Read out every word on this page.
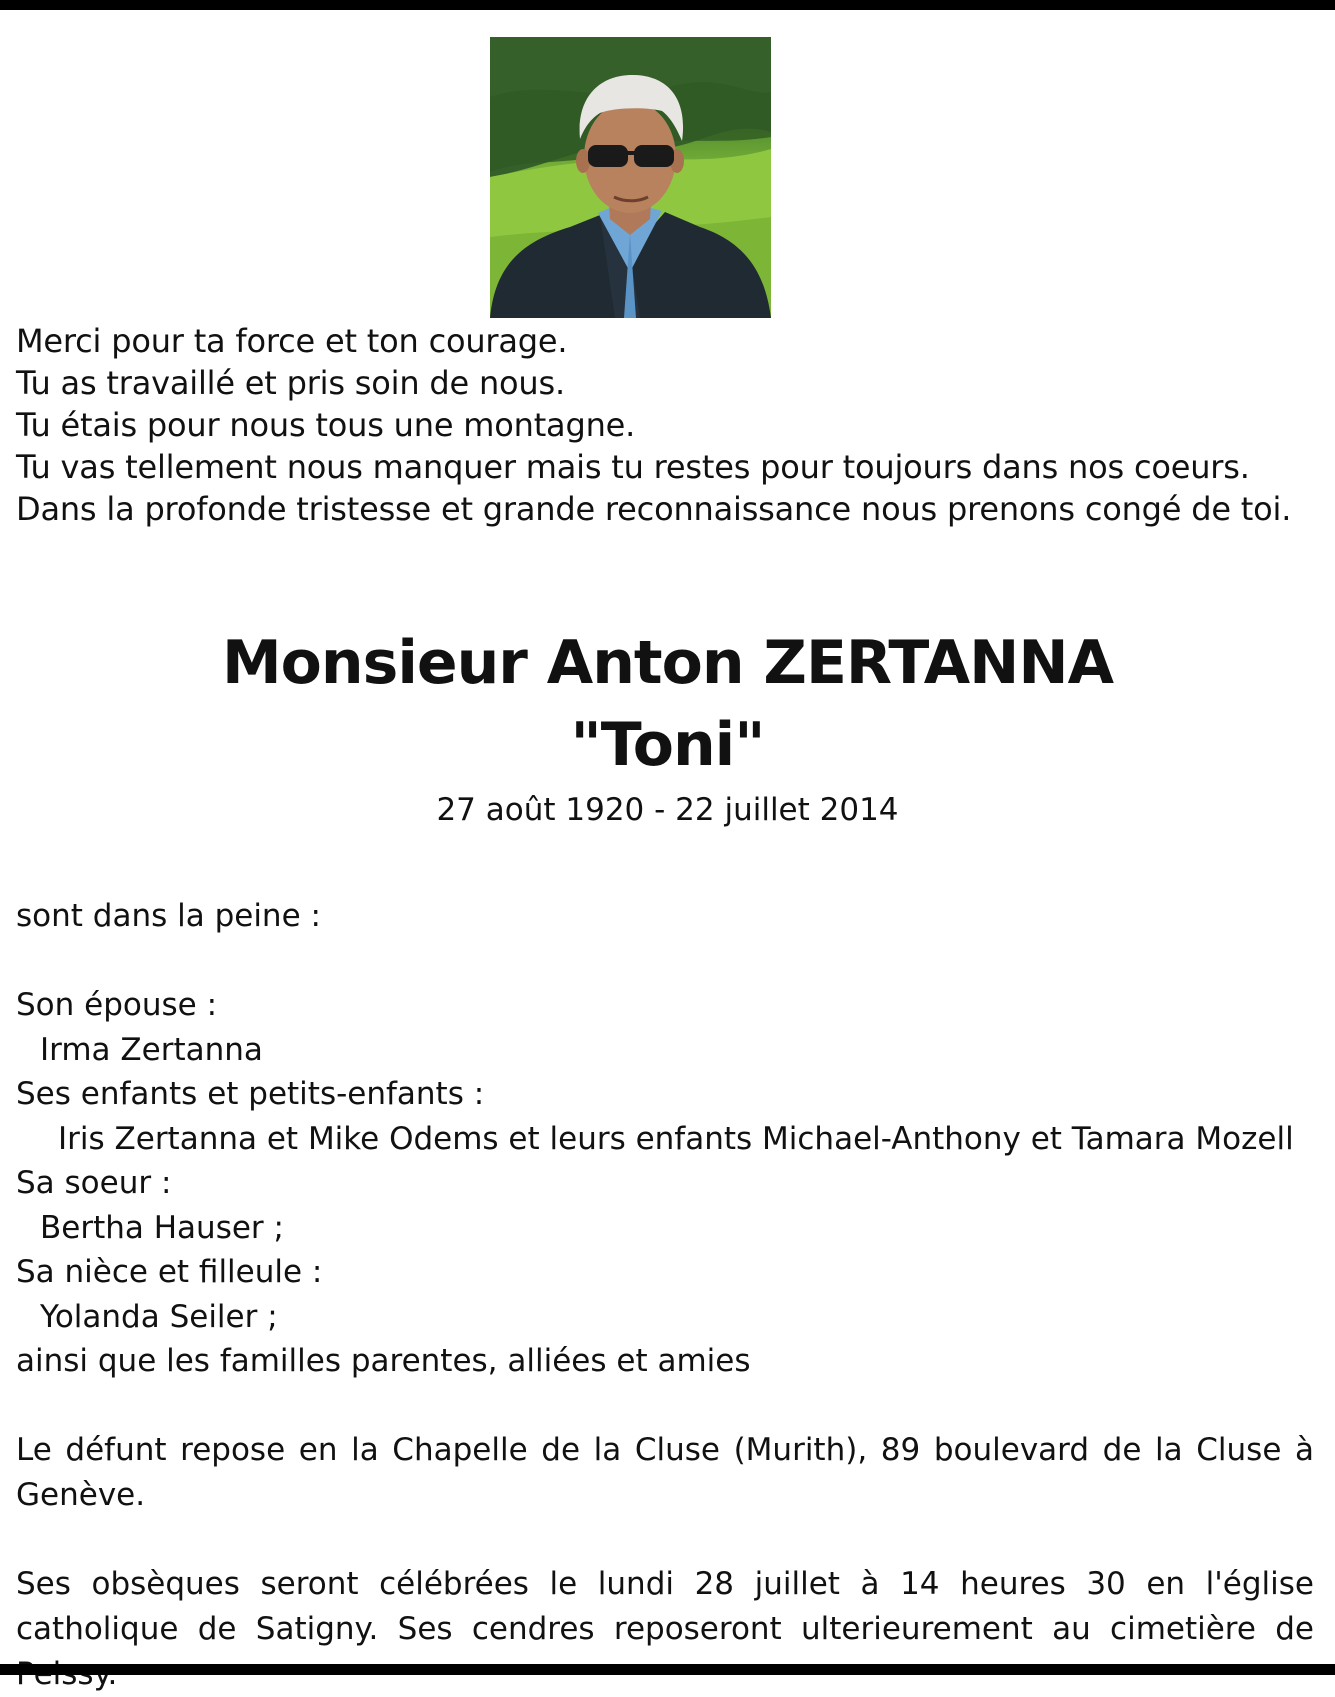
Merci pour ta force et ton courage.
Tu as travaillé et pris soin de nous.
Tu étais pour nous tous une montagne.
Tu vas tellement nous manquer mais tu restes pour toujours dans nos coeurs.
Dans la profonde tristesse et grande reconnaissance nous prenons congé de toi.
Monsieur Anton ZERTANNA
"Toni"
27 août 1920 - 22 juillet 2014
sont dans la peine :
Son épouse :
Irma Zertanna
Ses enfants et petits-enfants :
Iris Zertanna et Mike Odems et leurs enfants Michael-Anthony et Tamara Mozell
Sa soeur :
Bertha Hauser ;
Sa nièce et filleule :
Yolanda Seiler ;
ainsi que les familles parentes, alliées et amies
Le défunt repose en la Chapelle de la Cluse (Murith), 89 boulevard de la Cluse à Genève.
Ses obsèques seront célébrées le lundi 28 juillet à 14 heures 30 en l'église catholique de Satigny. Ses cendres reposeront ulterieurement au cimetière de
